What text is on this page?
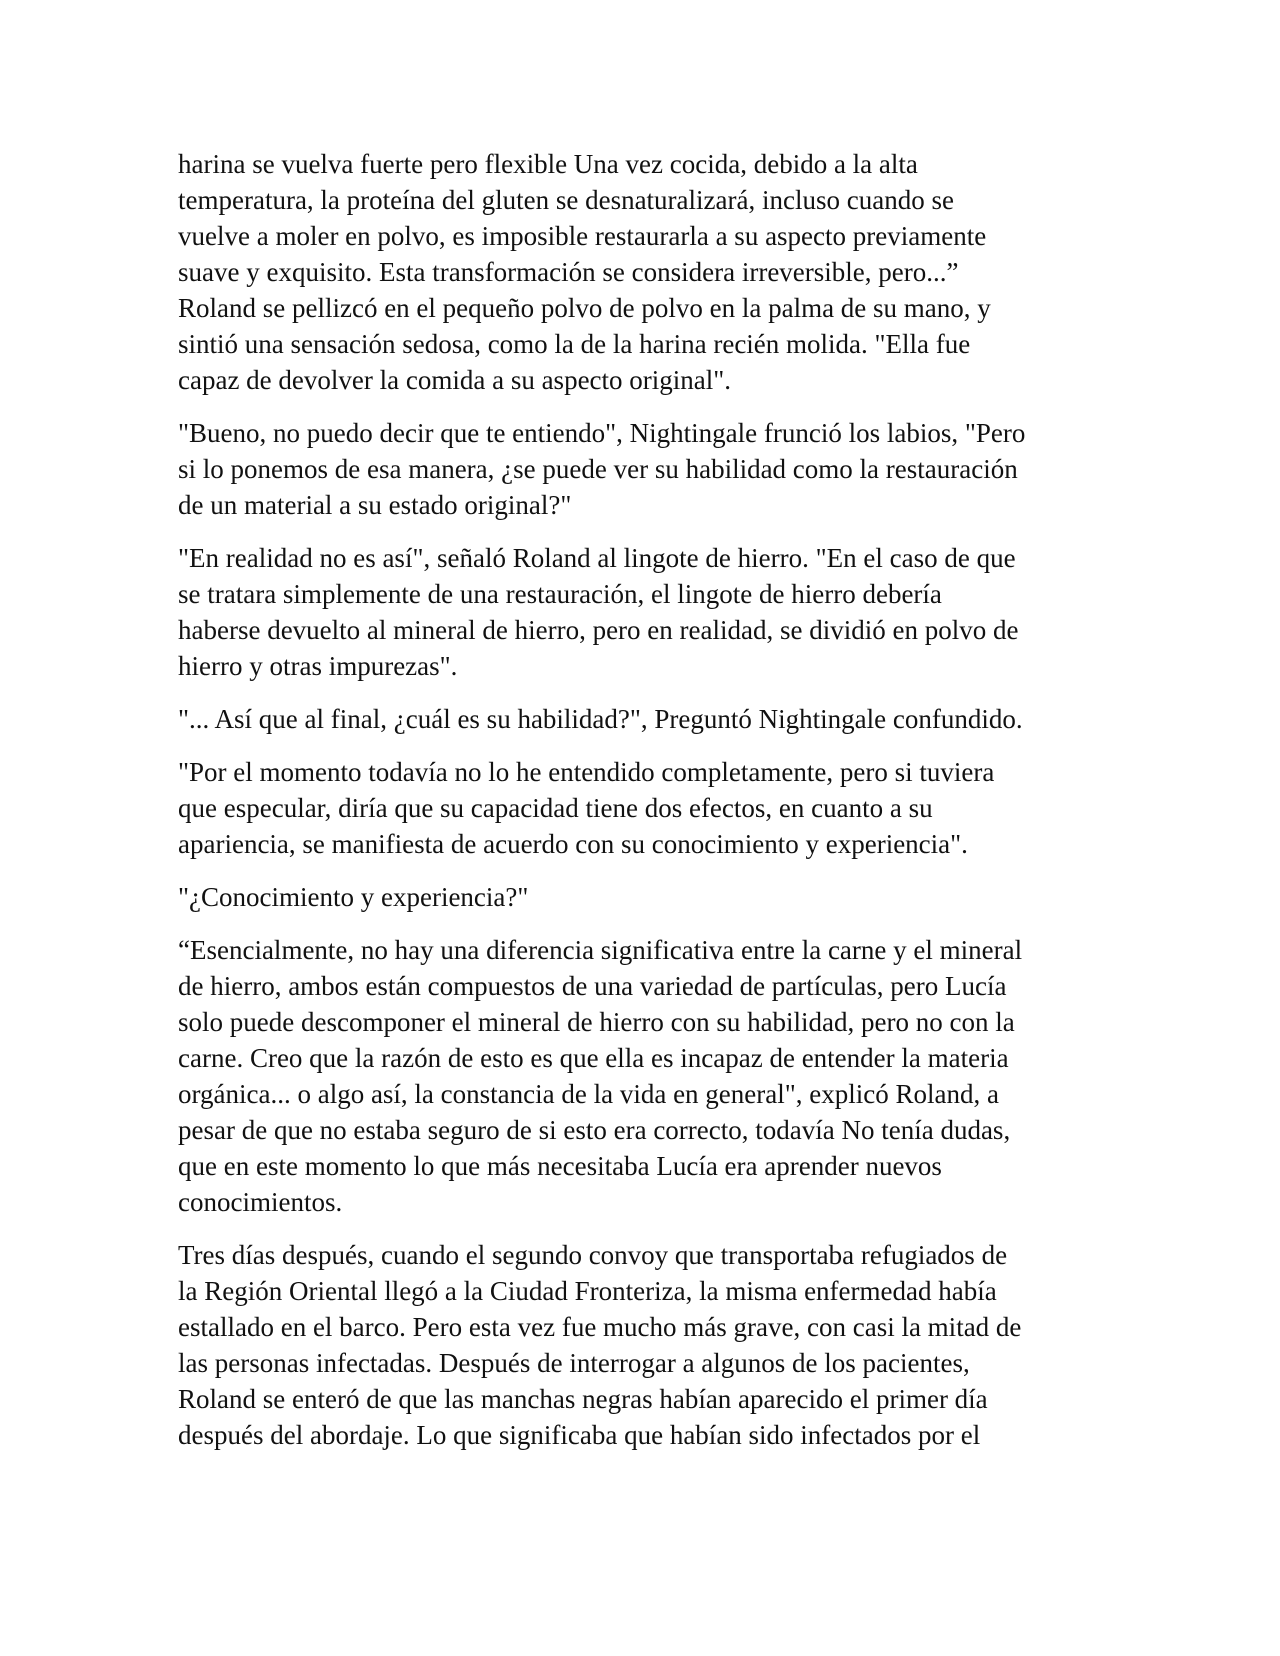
harina se vuelva fuerte pero flexible Una vez cocida, debido a la alta
temperatura, la proteína del gluten se desnaturalizará, incluso cuando se
vuelve a moler en polvo, es imposible restaurarla a su aspecto previamente
suave y exquisito. Esta transformación se considera irreversible, pero...”
Roland se pellizcó en el pequeño polvo de polvo en la palma de su mano, y
sintió una sensación sedosa, como la de la harina recién molida. "Ella fue
capaz de devolver la comida a su aspecto original".
"Bueno, no puedo decir que te entiendo", Nightingale frunció los labios, "Pero
si lo ponemos de esa manera, ¿se puede ver su habilidad como la restauración
de un material a su estado original?"
"En realidad no es así", señaló Roland al lingote de hierro. "En el caso de que
se tratara simplemente de una restauración, el lingote de hierro debería
haberse devuelto al mineral de hierro, pero en realidad, se dividió en polvo de
hierro y otras impurezas".
"... Así que al final, ¿cuál es su habilidad?", Preguntó Nightingale confundido.
"Por el momento todavía no lo he entendido completamente, pero si tuviera
que especular, diría que su capacidad tiene dos efectos, en cuanto a su
apariencia, se manifiesta de acuerdo con su conocimiento y experiencia".
"¿Conocimiento y experiencia?"
“Esencialmente, no hay una diferencia significativa entre la carne y el mineral
de hierro, ambos están compuestos de una variedad de partículas, pero Lucía
solo puede descomponer el mineral de hierro con su habilidad, pero no con la
carne. Creo que la razón de esto es que ella es incapaz de entender la materia
orgánica... o algo así, la constancia de la vida en general", explicó Roland, a
pesar de que no estaba seguro de si esto era correcto, todavía No tenía dudas,
que en este momento lo que más necesitaba Lucía era aprender nuevos
conocimientos.
Tres días después, cuando el segundo convoy que transportaba refugiados de
la Región Oriental llegó a la Ciudad Fronteriza, la misma enfermedad había
estallado en el barco. Pero esta vez fue mucho más grave, con casi la mitad de
las personas infectadas. Después de interrogar a algunos de los pacientes,
Roland se enteró de que las manchas negras habían aparecido el primer día
después del abordaje. Lo que significaba que habían sido infectados por el
